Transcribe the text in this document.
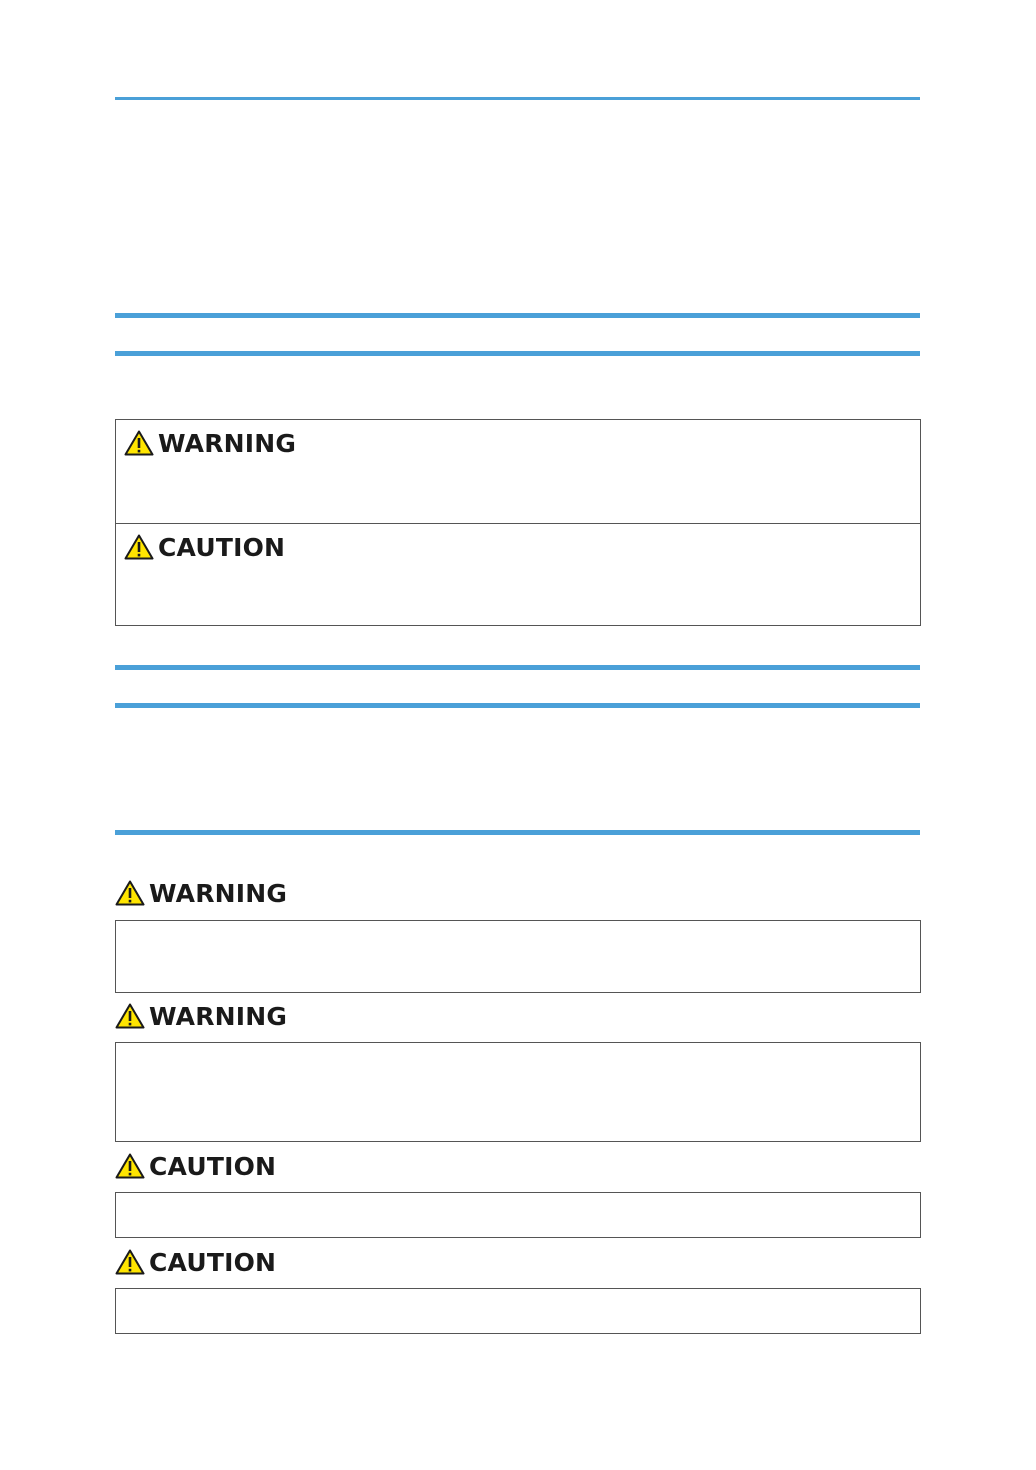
WARNING
CAUTION
WARNING
WARNING
CAUTION
CAUTION
